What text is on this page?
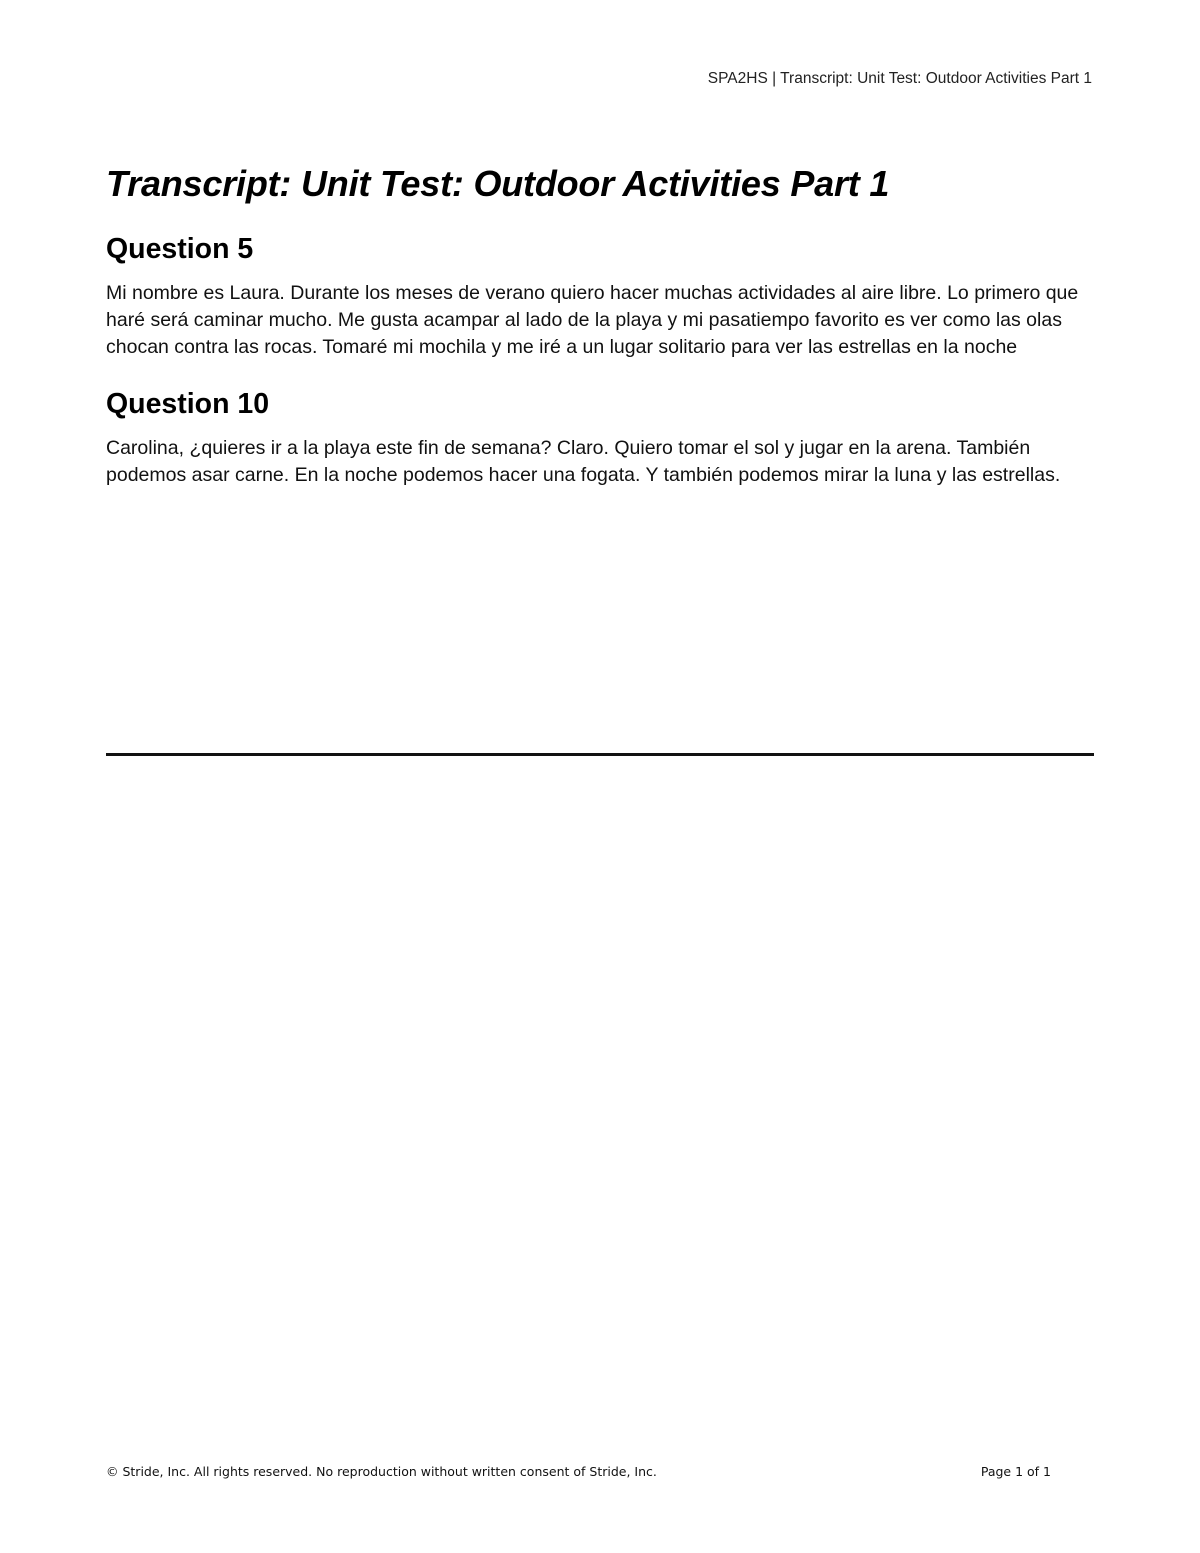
SPA2HS | Transcript: Unit Test: Outdoor Activities Part 1
Transcript: Unit Test: Outdoor Activities Part 1
Question 5

Mi nombre es Laura. Durante los meses de verano quiero hacer muchas actividades al aire libre. Lo primero que haré será caminar mucho. Me gusta acampar al lado de la playa y mi pasatiempo favorito es ver como las olas chocan contra las rocas. Tomaré mi mochila y me iré a un lugar solitario para ver las estrellas en la noche

Question 10

Carolina, ¿quieres ir a la playa este fin de semana? Claro. Quiero tomar el sol y jugar en la arena. También podemos asar carne. En la noche podemos hacer una fogata. Y también podemos mirar la luna y las estrellas.

© Stride, Inc. All rights reserved. No reproduction without written consent of Stride, Inc.	Page 1 of 1
